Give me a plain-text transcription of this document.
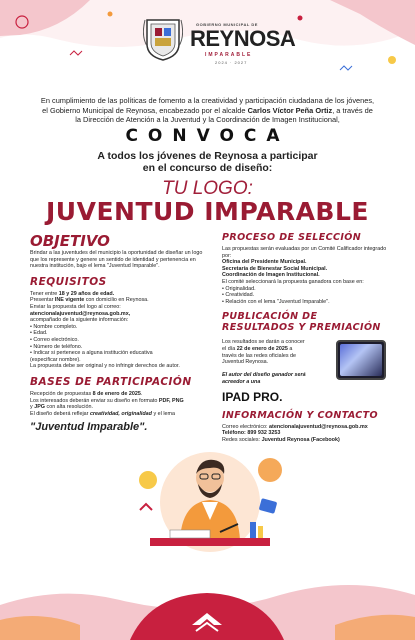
GOBIERNO MUNICIPAL DE
REYNOSA
IMPARABLE
2024 · 2027
En cumplimiento de las políticas de fomento a la creatividad y participación ciudadana de los jóvenes,
el Gobierno Municipal de Reynosa, encabezado por el alcalde Carlos Víctor Peña Ortiz, a través de
la Dirección de Atención a la Juventud y la Coordinación de Imagen Institucional,
CONVOCA
A todos los jóvenes de Reynosa a participar
en el concurso de diseño:
TU LOGO:
JUVENTUD IMPARABLE
OBJETIVO
Brindar a las juventudes del municipio la oportunidad de diseñar un logo que los represente y genere un sentido de identidad y pertenencia en nuestra institución, bajo el lema "Juventud Imparable".
REQUISITOS
Tener entre 18 y 29 años de edad.
Presentar INE vigente con domicilio en Reynosa.
Enviar la propuesta del logo al correo:
atencionalajuventud@reynosa.gob.mx,
acompañado de la siguiente información:
• Nombre completo.
• Edad.
• Correo electrónico.
• Número de teléfono.
• Indicar si pertenece a alguna institución educativa
(especificar nombre).
La propuesta debe ser original y no infringir derechos de autor.
BASES DE PARTICIPACIÓN
Recepción de propuestas 8 de enero de 2025.
Los interesados deberán enviar su diseño en formato PDF, PNG
y JPG con alta resolución.
El diseño deberá reflejar creatividad, originalidad y el lema
"Juventud Imparable".
PROCESO DE SELECCIÓN
Las propuestas serán evaluadas por un Comité Calificador integrado por:
Oficina del Presidente Municipal.
Secretaría de Bienestar Social Municipal.
Coordinación de Imagen Institucional.
El comité seleccionará la propuesta ganadora con base en:
• Originalidad.
• Creatividad.
• Relación con el lema "Juventud Imparable".
PUBLICACIÓN DE
RESULTADOS Y PREMIACIÓN
Los resultados se darán a conocer
el día 22 de enero de 2025 a
través de las redes oficiales de
Juventud Reynosa.

El autor del diseño ganador será
acreedor a una
IPAD PRO.
INFORMACIÓN Y CONTACTO
Correo electrónico: atencionalajuventud@reynosa.gob.mx
Teléfono: 899 932 3253
Redes sociales: Juventud Reynosa (Facebook)
